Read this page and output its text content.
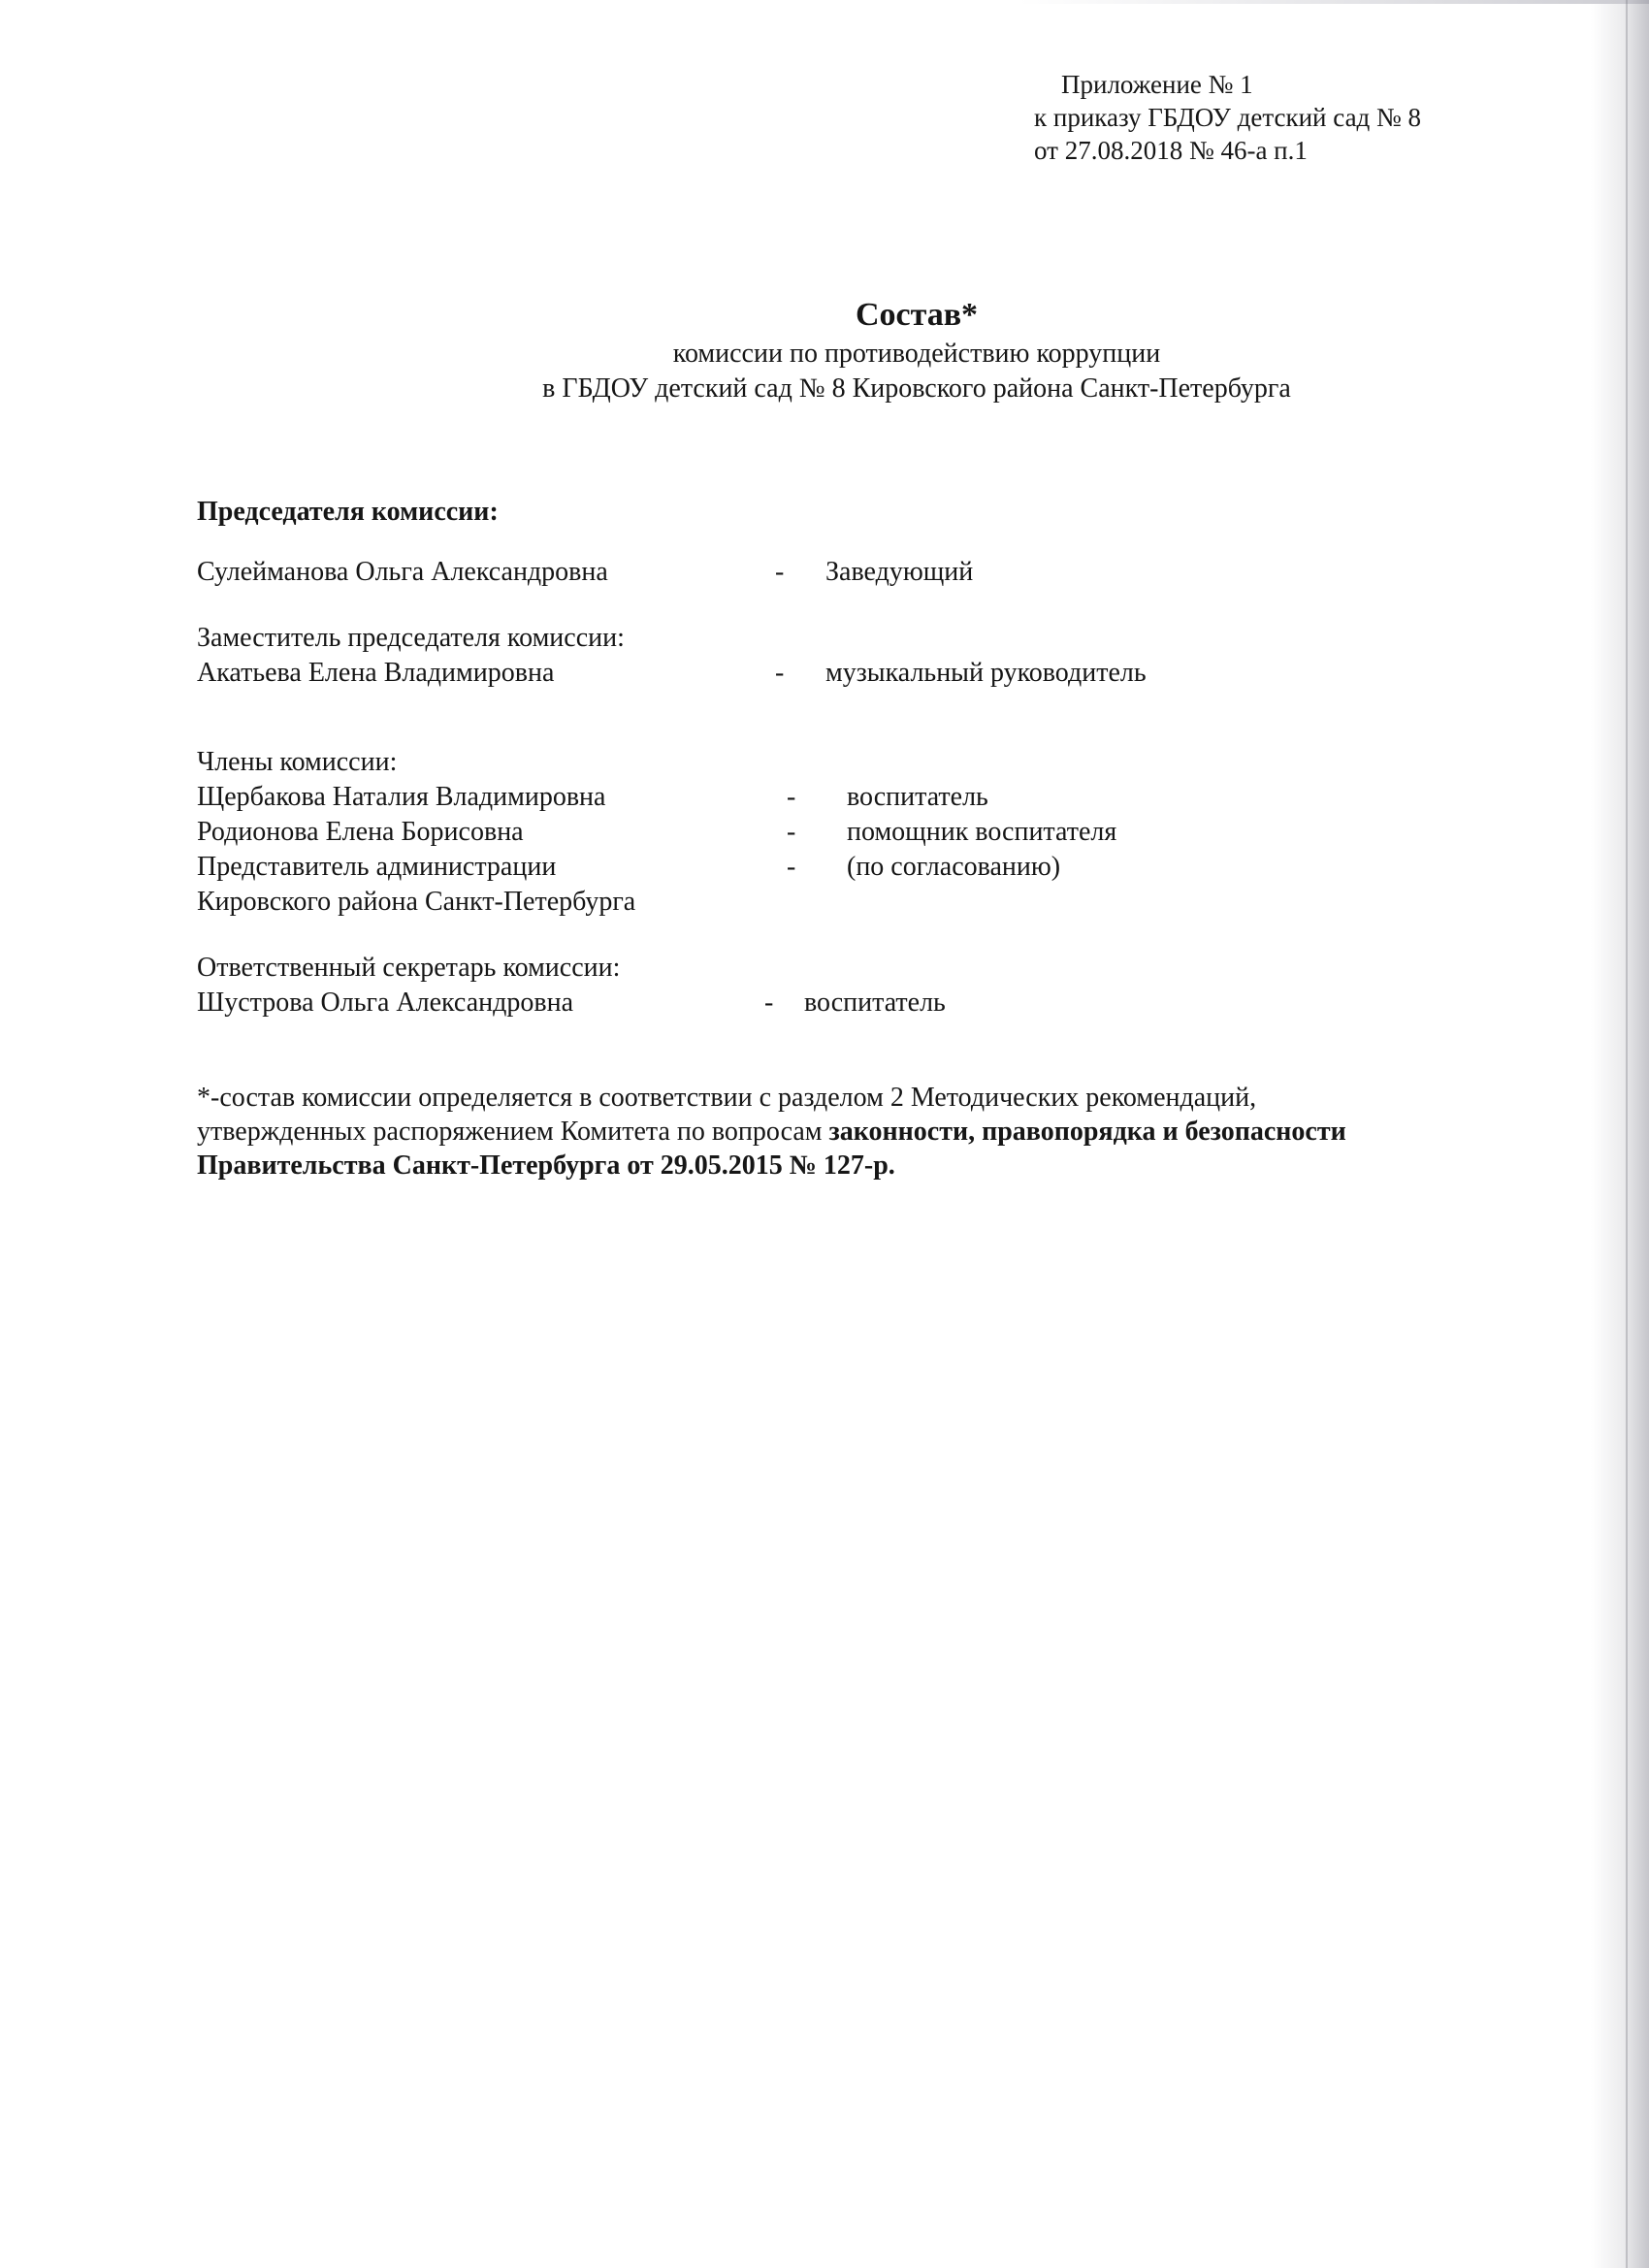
Приложение № 1
к приказу ГБДОУ детский сад № 8
от 27.08.2018 № 46-а п.1
Состав*
комиссии по противодействию коррупции
в ГБДОУ детский сад № 8 Кировского района Санкт-Петербурга
Председателя комиссии:
Сулейманова Ольга Александровна	- Заведующий
Заместитель председателя комиссии:
Акатьева Елена Владимировна	- музыкальный руководитель
Члены комиссии:
Щербакова Наталия Владимировна	- воспитатель
Родионова Елена Борисовна	- помощник воспитателя
Представитель администрации	- (по согласованию)
Кировского района Санкт-Петербурга
Ответственный секретарь комиссии:
Шустрова Ольга Александровна	- воспитатель
*-состав комиссии определяется в соответствии с разделом 2 Методических рекомендаций,
утвержденных распоряжением Комитета по вопросам законности, правопорядка и безопасности
Правительства Санкт-Петербурга от 29.05.2015 № 127-р.
